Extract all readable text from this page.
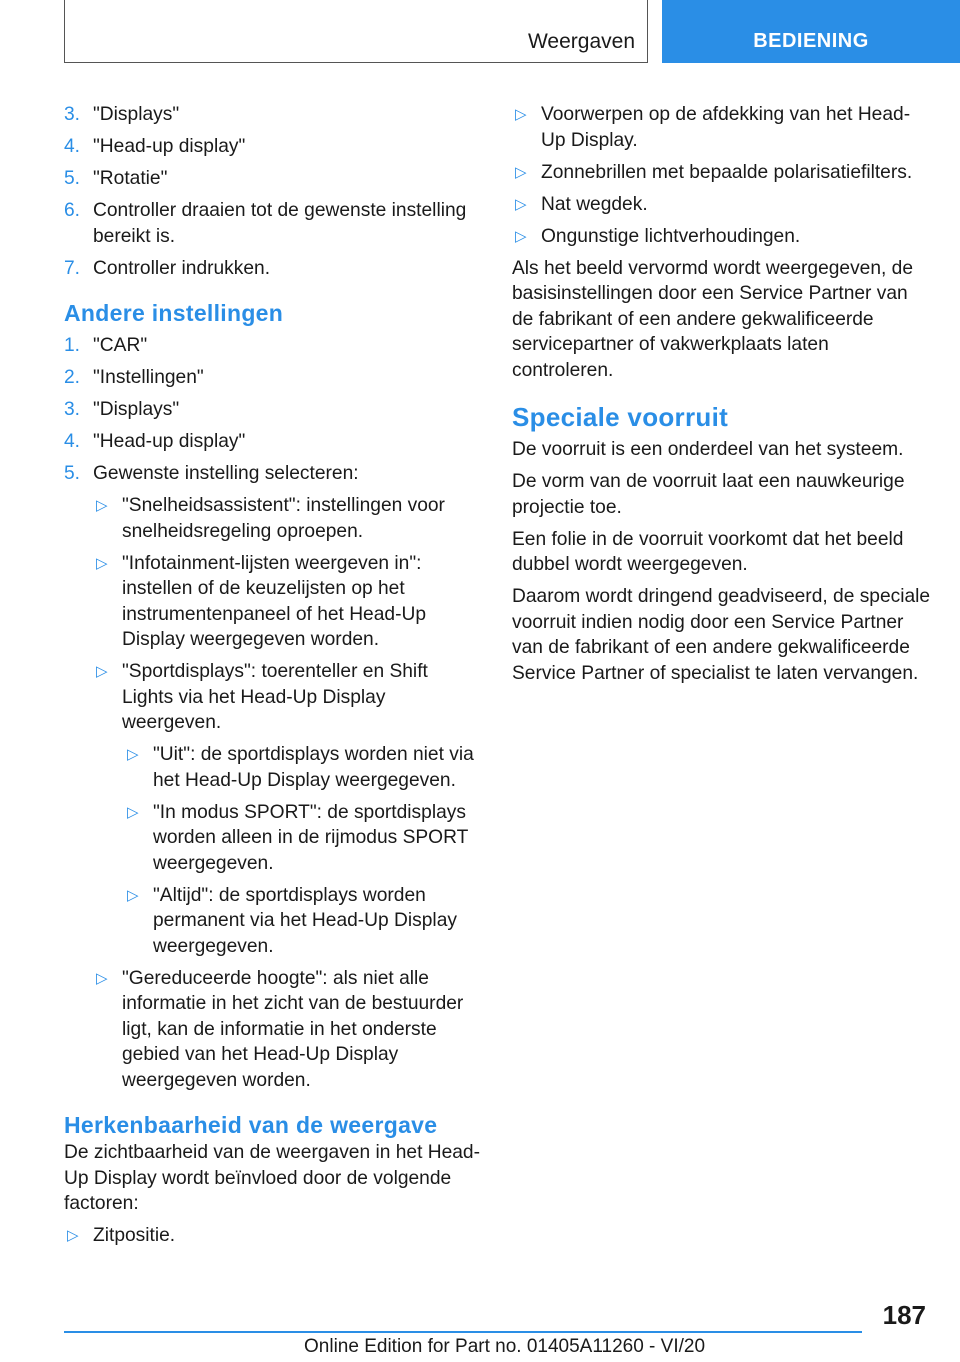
Weergaven	BEDIENING
3. "Displays"
4. "Head-up display"
5. "Rotatie"
6. Controller draaien tot de gewenste instelling bereikt is.
7. Controller indrukken.
Andere instellingen
1. "CAR"
2. "Instellingen"
3. "Displays"
4. "Head-up display"
5. Gewenste instelling selecteren:
▷ "Snelheidsassistent": instellingen voor snelheidsregeling oproepen.
▷ "Infotainment-lijsten weergeven in": instellen of de keuzelijsten op het instrumentenpaneel of het Head-Up Display weergegeven worden.
▷ "Sportdisplays": toerenteller en Shift Lights via het Head-Up Display weergeven.
▷ "Uit": de sportdisplays worden niet via het Head-Up Display weergegeven.
▷ "In modus SPORT": de sportdisplays worden alleen in de rijmodus SPORT weergegeven.
▷ "Altijd": de sportdisplays worden permanent via het Head-Up Display weergegeven.
▷ "Gereduceerde hoogte": als niet alle informatie in het zicht van de bestuurder ligt, kan de informatie in het onderste gebied van het Head-Up Display weergegeven worden.
Herkenbaarheid van de weergave

De zichtbaarheid van de weergaven in het Head-Up Display wordt beïnvloed door de volgende factoren:

▷ Zitpositie.
▷ Voorwerpen op de afdekking van het Head-Up Display.
▷ Zonnebrillen met bepaalde polarisatiefilters.
▷ Nat wegdek.
▷ Ongunstige lichtverhoudingen.

Als het beeld vervormd wordt weergegeven, de basisinstellingen door een Service Partner van de fabrikant of een andere gekwalificeerde servicepartner of vakwerkplaats laten controleren.

Speciale voorruit

De voorruit is een onderdeel van het systeem.

De vorm van de voorruit laat een nauwkeurige projectie toe.

Een folie in de voorruit voorkomt dat het beeld dubbel wordt weergegeven.

Daarom wordt dringend geadviseerd, de speciale voorruit indien nodig door een Service Partner van de fabrikant of een andere gekwalificeerde Service Partner of specialist te laten vervangen.

187
Online Edition for Part no. 01405A11260 - VI/20
